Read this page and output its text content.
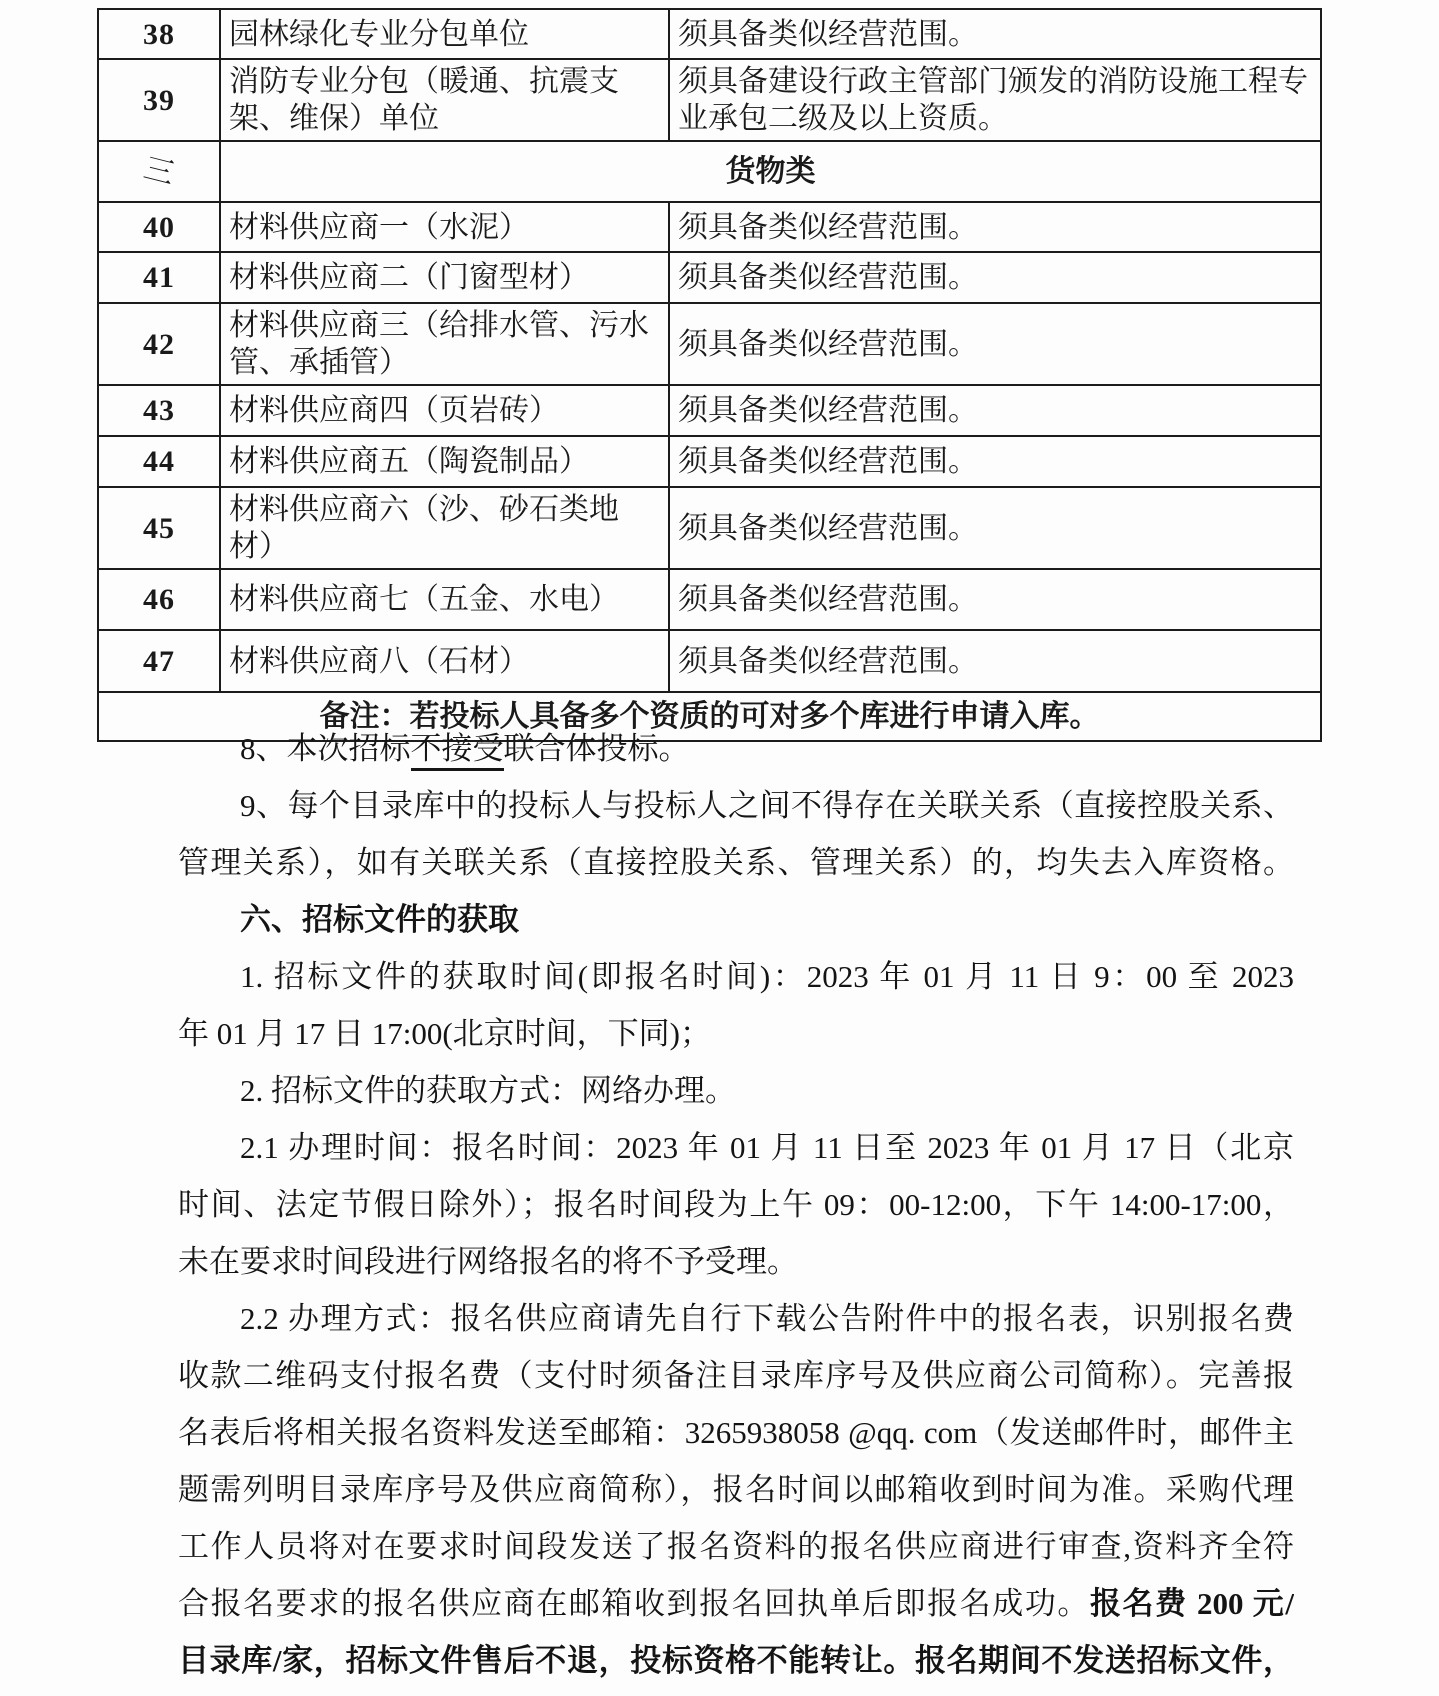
38	园林绿化专业分包单位	须具备类似经营范围。
39	消防专业分包（暖通、抗震支架、维保）单位	须具备建设行政主管部门颁发的消防设施工程专业承包二级及以上资质。
三	货物类	
40	材料供应商一（水泥）	须具备类似经营范围。
41	材料供应商二（门窗型材）	须具备类似经营范围。
42	材料供应商三（给排水管、污水管、承插管）	须具备类似经营范围。
43	材料供应商四（页岩砖）	须具备类似经营范围。
44	材料供应商五（陶瓷制品）	须具备类似经营范围。
45	材料供应商六（沙、砂石类地材）	须具备类似经营范围。
46	材料供应商七（五金、水电）	须具备类似经营范围。
47	材料供应商八（石材）	须具备类似经营范围。
备注：若投标人具备多个资质的可对多个库进行申请入库。		
8、本次招标不接受联合体投标。
9、每个目录库中的投标人与投标人之间不得存在关联关系（直接控股关系、
管理关系），如有关联关系（直接控股关系、管理关系）的，均失去入库资格。
六、招标文件的获取
1. 招标文件的获取时间(即报名时间)：2023 年 01 月 11 日 9：00 至 2023
年 01 月 17 日 17:00(北京时间，下同)；
2. 招标文件的获取方式：网络办理。
2.1 办理时间：报名时间：2023 年 01 月 11 日至 2023 年 01 月 17 日（北京
时间、法定节假日除外）；报名时间段为上午 09：00-12:00，下午 14:00-17:00，
未在要求时间段进行网络报名的将不予受理。
2.2 办理方式：报名供应商请先自行下载公告附件中的报名表，识别报名费
收款二维码支付报名费（支付时须备注目录库序号及供应商公司简称）。完善报
名表后将相关报名资料发送至邮箱：3265938058 @qq. com（发送邮件时，邮件主
题需列明目录库序号及供应商简称），报名时间以邮箱收到时间为准。采购代理
工作人员将对在要求时间段发送了报名资料的报名供应商进行审查,资料齐全符
合报名要求的报名供应商在邮箱收到报名回执单后即报名成功。报名费 200 元/
目录库/家，招标文件售后不退，投标资格不能转让。报名期间不发送招标文件，
